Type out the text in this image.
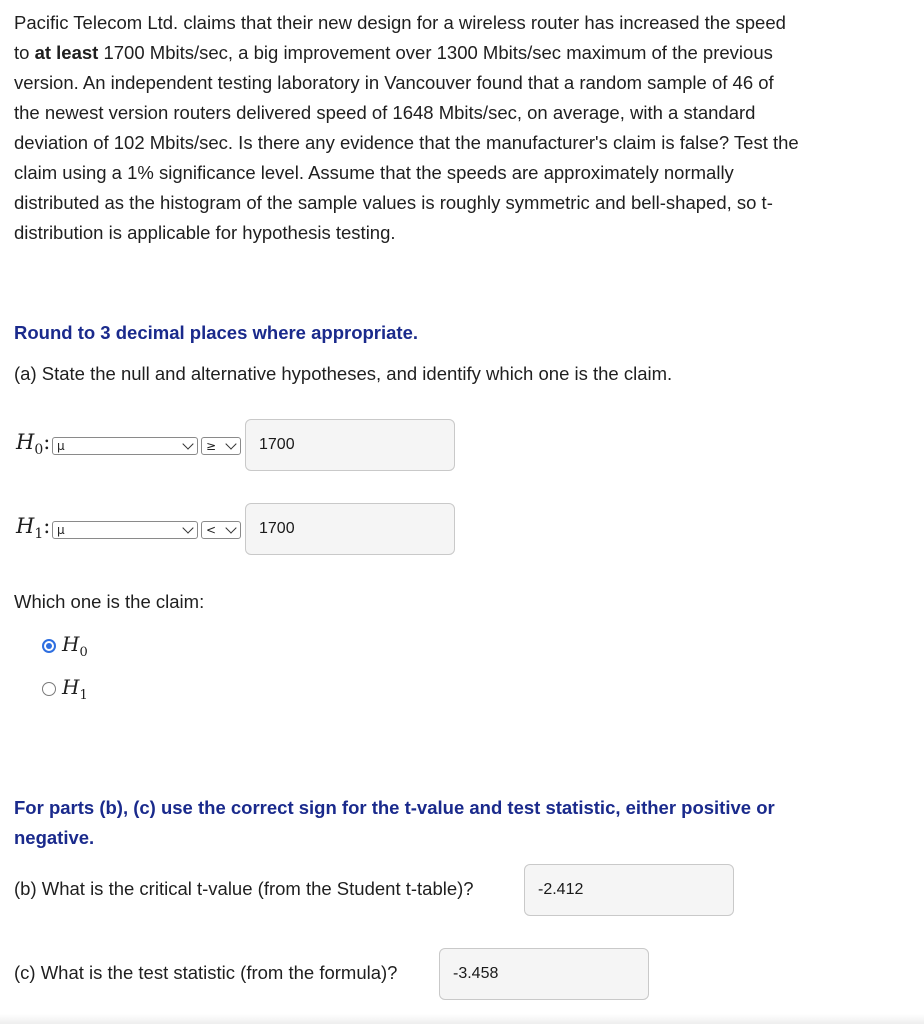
Pacific Telecom Ltd. claims that their new design for a wireless router has increased the speed to at least 1700 Mbits/sec, a big improvement over 1300 Mbits/sec maximum of the previous version. An independent testing laboratory in Vancouver found that a random sample of 46 of the newest version routers delivered speed of 1648 Mbits/sec, on average, with a standard deviation of 102 Mbits/sec. Is there any evidence that the manufacturer's claim is false? Test the claim using a 1% significance level. Assume that the speeds are approximately normally distributed as the histogram of the sample values is roughly symmetric and bell-shaped, so t-distribution is applicable for hypothesis testing.
Round to 3 decimal places where appropriate.
(a) State the null and alternative hypotheses, and identify which one is the claim.
$H_0$: μ	≥	1700
$H_1$: μ	<	1700
Which one is the claim:
$H_0$
$H_1$
For parts (b), (c) use the correct sign for the t-value and test statistic, either positive or negative.
(b) What is the critical t-value (from the Student t-table)?	-2.412
(c) What is the test statistic (from the formula)?	-3.458
